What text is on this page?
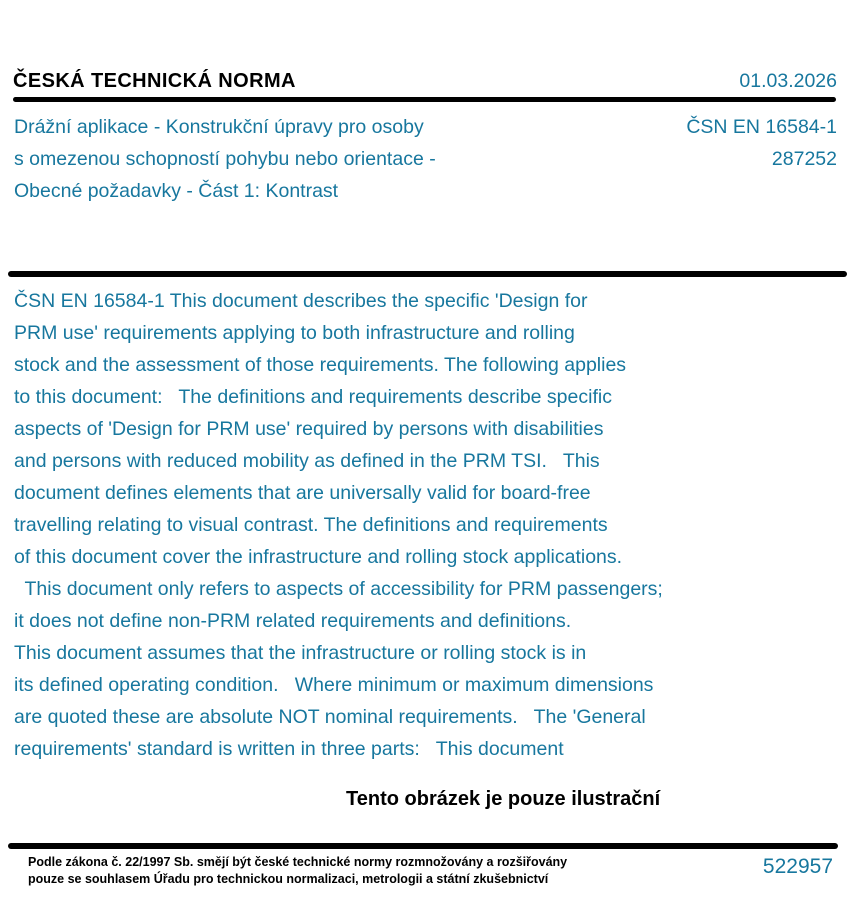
ČESKÁ TECHNICKÁ NORMA	01.03.2026
Drážní aplikace - Konstrukční úpravy pro osoby
s omezenou schopností pohybu nebo orientace -
Obecné požadavky - Část 1: Kontrast
ČSN EN 16584-1
287252
ČSN EN 16584-1 This document describes the specific 'Design for
PRM use' requirements applying to both infrastructure and rolling
stock and the assessment of those requirements. The following applies
to this document:   The definitions and requirements describe specific
aspects of 'Design for PRM use' required by persons with disabilities
and persons with reduced mobility as defined in the PRM TSI.   This
document defines elements that are universally valid for board-free
travelling relating to visual contrast. The definitions and requirements
of this document cover the infrastructure and rolling stock applications.
This document only refers to aspects of accessibility for PRM passengers;
it does not define non-PRM related requirements and definitions.
This document assumes that the infrastructure or rolling stock is in
its defined operating condition.   Where minimum or maximum dimensions
are quoted these are absolute NOT nominal requirements.   The 'General
requirements' standard is written in three parts:   This document
Tento obrázek je pouze ilustrační
Podle zákona č. 22/1997 Sb. smějí být české technické normy rozmnožovány a rozšiřovány
pouze se souhlasem Úřadu pro technickou normalizaci, metrologii a státní zkušebnictví
522957
